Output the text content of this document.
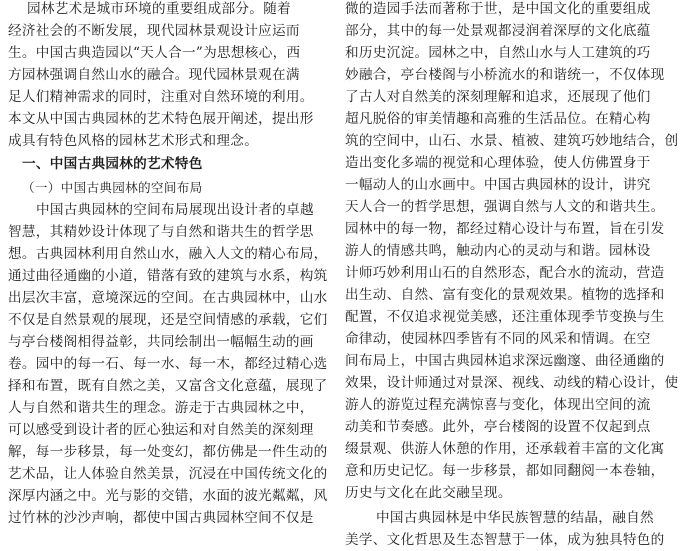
园林艺术是城市环境的重要组成部分。随着
经济社会的不断发展，现代园林景观设计应运而
生。中国古典造园以“天人合一”为思想核心，西
方园林强调自然山水的融合。现代园林景观在满
足人们精神需求的同时，注重对自然环境的利用。
本文从中国古典园林的艺术特色展开阐述，提出形
成具有特色风格的园林艺术形式和理念。
一、中国古典园林的艺术特色
（一）中国古典园林的空间布局
中国古典园林的空间布局展现出设计者的卓越
智慧，其精妙设计体现了与自然和谐共生的哲学思
想。古典园林利用自然山水，融入人文的精心布局，
通过曲径通幽的小道，错落有致的建筑与水系，构筑
出层次丰富，意境深远的空间。在古典园林中，山水
不仅是自然景观的展现，还是空间情感的承载，它们
与亭台楼阁相得益彰，共同绘制出一幅幅生动的画
卷。园中的每一石、每一水、每一木，都经过精心选
择和布置，既有自然之美，又富含文化意蕴，展现了
人与自然和谐共生的理念。游走于古典园林之中，
可以感受到设计者的匠心独运和对自然美的深刻理
解，每一步移景，每一处变幻，都仿佛是一件生动的
艺术品，让人体验自然美景，沉浸在中国传统文化的
深厚内涵之中。光与影的交错，水面的波光粼粼，风
过竹林的沙沙声响，都使中国古典园林空间不仅是
微的造园手法而著称于世，是中国文化的重要组成
部分，其中的每一处景观都浸润着深厚的文化底蕴
和历史沉淀。园林之中，自然山水与人工建筑的巧
妙融合，亭台楼阁与小桥流水的和谐统一，不仅体现
了古人对自然美的深刻理解和追求，还展现了他们
超凡脱俗的审美情趣和高雅的生活品位。在精心构
筑的空间中，山石、水景、植被、建筑巧妙地结合，创
造出变化多端的视觉和心理体验，使人仿佛置身于
一幅动人的山水画中。中国古典园林的设计，讲究
天人合一的哲学思想，强调自然与人文的和谐共生。
园林中的每一物，都经过精心设计与布置，旨在引发
游人的情感共鸣，触动内心的灵动与和谐。园林设
计师巧妙利用山石的自然形态，配合水的流动，营造
出生动、自然、富有变化的景观效果。植物的选择和
配置，不仅追求视觉美感，还注重体现季节变换与生
命律动，使园林四季皆有不同的风采和情调。在空
间布局上，中国古典园林追求深远幽邃、曲径通幽的
效果，设计师通过对景深、视线、动线的精心设计，使
游人的游览过程充满惊喜与变化，体现出空间的流
动美和节奏感。此外，亭台楼阁的设置不仅起到点
缀景观、供游人休憩的作用，还承载着丰富的文化寓
意和历史记忆。每一步移景，都如同翻阅一本卷轴，
历史与文化在此交融呈现。
中国古典园林是中华民族智慧的结晶，融自然
美学、文化哲思及生态智慧于一体，成为独具特色的
